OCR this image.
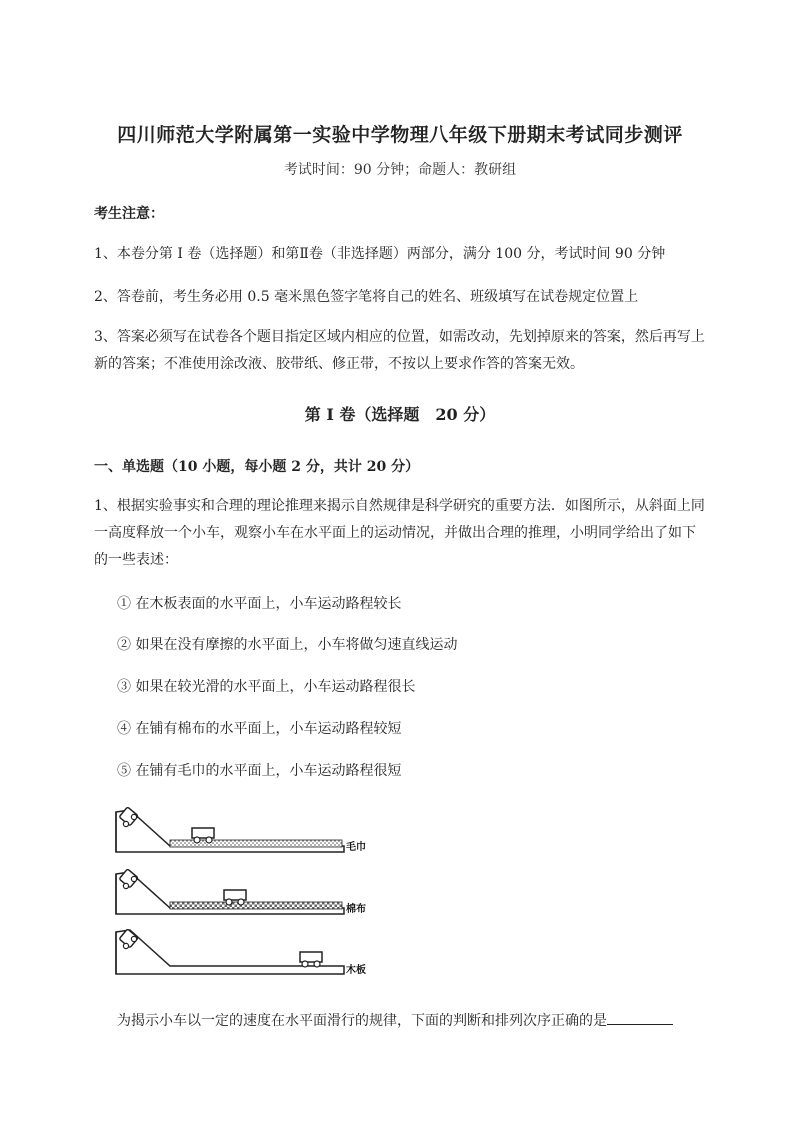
四川师范大学附属第一实验中学物理八年级下册期末考试同步测评
考试时间：90 分钟；命题人：教研组
考生注意：
1、本卷分第 I 卷（选择题）和第Ⅱ卷（非选择题）两部分，满分 100 分，考试时间 90 分钟
2、答卷前，考生务必用 0.5 毫米黑色签字笔将自己的姓名、班级填写在试卷规定位置上
3、答案必须写在试卷各个题目指定区域内相应的位置，如需改动，先划掉原来的答案，然后再写上新的答案；不准使用涂改液、胶带纸、修正带，不按以上要求作答的答案无效。
第 I 卷（选择题　20 分）
一、单选题（10 小题，每小题 2 分，共计 20 分）
1、根据实验事实和合理的理论推理来揭示自然规律是科学研究的重要方法．如图所示，从斜面上同一高度释放一个小车，观察小车在水平面上的运动情况，并做出合理的推理，小明同学给出了如下的一些表述：
① 在木板表面的水平面上，小车运动路程较长
② 如果在没有摩擦的水平面上，小车将做匀速直线运动
③ 如果在较光滑的水平面上，小车运动路程很长
④ 在铺有棉布的水平面上，小车运动路程较短
⑤ 在铺有毛巾的水平面上，小车运动路程很短
毛巾
棉布
木板
为揭示小车以一定的速度在水平面滑行的规律，下面的判断和排列次序正确的是
